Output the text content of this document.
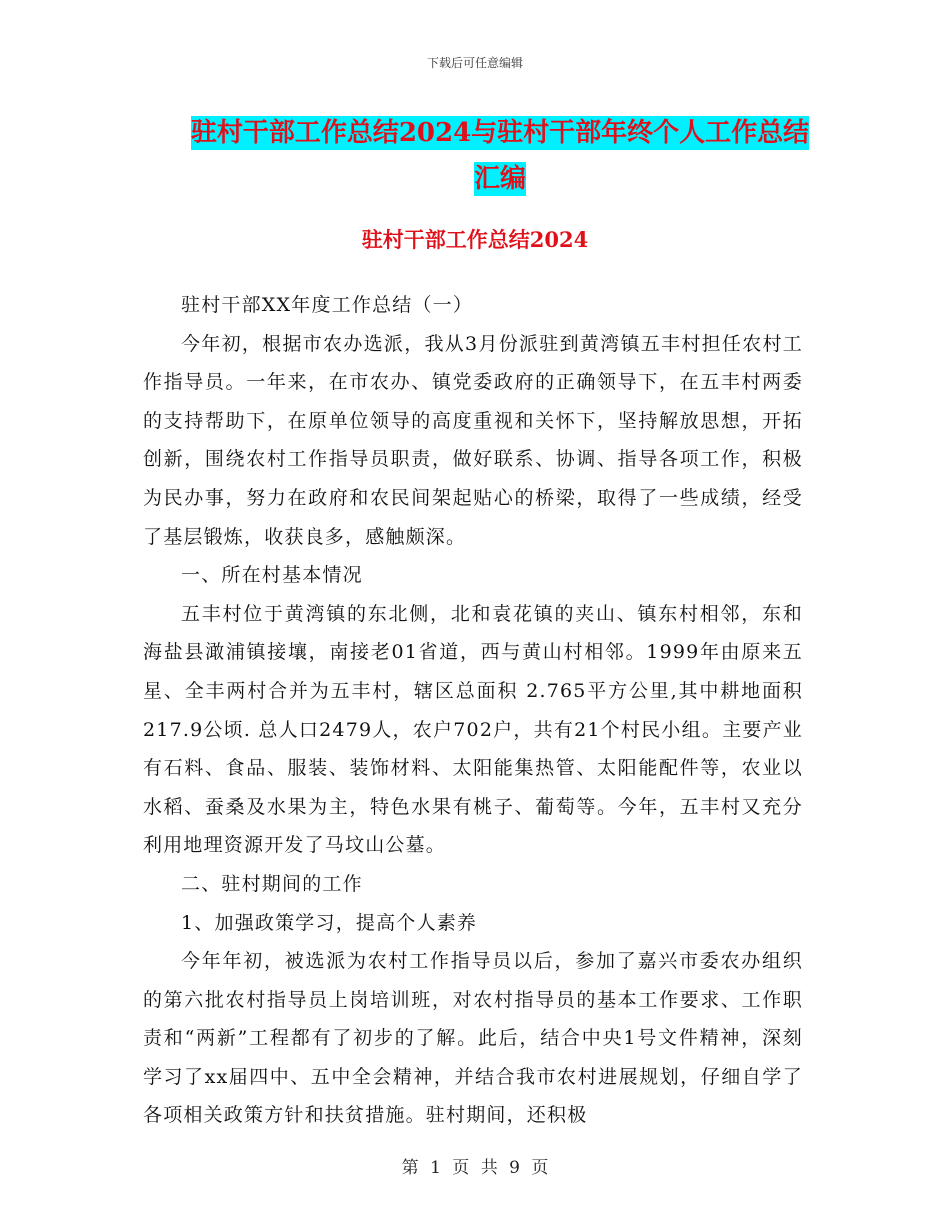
下载后可任意编辑
驻村干部工作总结2024与驻村干部年终个人工作总结
汇编
驻村干部工作总结2024

驻村干部XX年度工作总结（一）

今年初，根据市农办选派，我从3月份派驻到黄湾镇五丰村担任农村工作指导员。一年来，在市农办、镇党委政府的正确领导下，在五丰村两委的支持帮助下，在原单位领导的高度重视和关怀下，坚持解放思想，开拓创新，围绕农村工作指导员职责，做好联系、协调、指导各项工作，积极为民办事，努力在政府和农民间架起贴心的桥梁，取得了一些成绩，经受了基层锻炼，收获良多，感触颇深。

一、所在村基本情况

五丰村位于黄湾镇的东北侧，北和袁花镇的夹山、镇东村相邻，东和海盐县澉浦镇接壤，南接老01省道，西与黄山村相邻。1999年由原来五星、全丰两村合并为五丰村，辖区总面积 2.765平方公里,其中耕地面积217.9公顷. 总人口2479人，农户702户，共有21个村民小组。主要产业有石料、食品、服装、装饰材料、太阳能集热管、太阳能配件等，农业以水稻、蚕桑及水果为主，特色水果有桃子、葡萄等。今年，五丰村又充分利用地理资源开发了马坟山公墓。

二、驻村期间的工作

1、加强政策学习，提高个人素养

今年年初，被选派为农村工作指导员以后，参加了嘉兴市委农办组织的第六批农村指导员上岗培训班，对农村指导员的基本工作要求、工作职责和“两新”工程都有了初步的了解。此后，结合中央1号文件精神，深刻学习了xx届四中、五中全会精神，并结合我市农村进展规划，仔细自学了各项相关政策方针和扶贫措施。驻村期间，还积极

第 1 页 共 9 页
